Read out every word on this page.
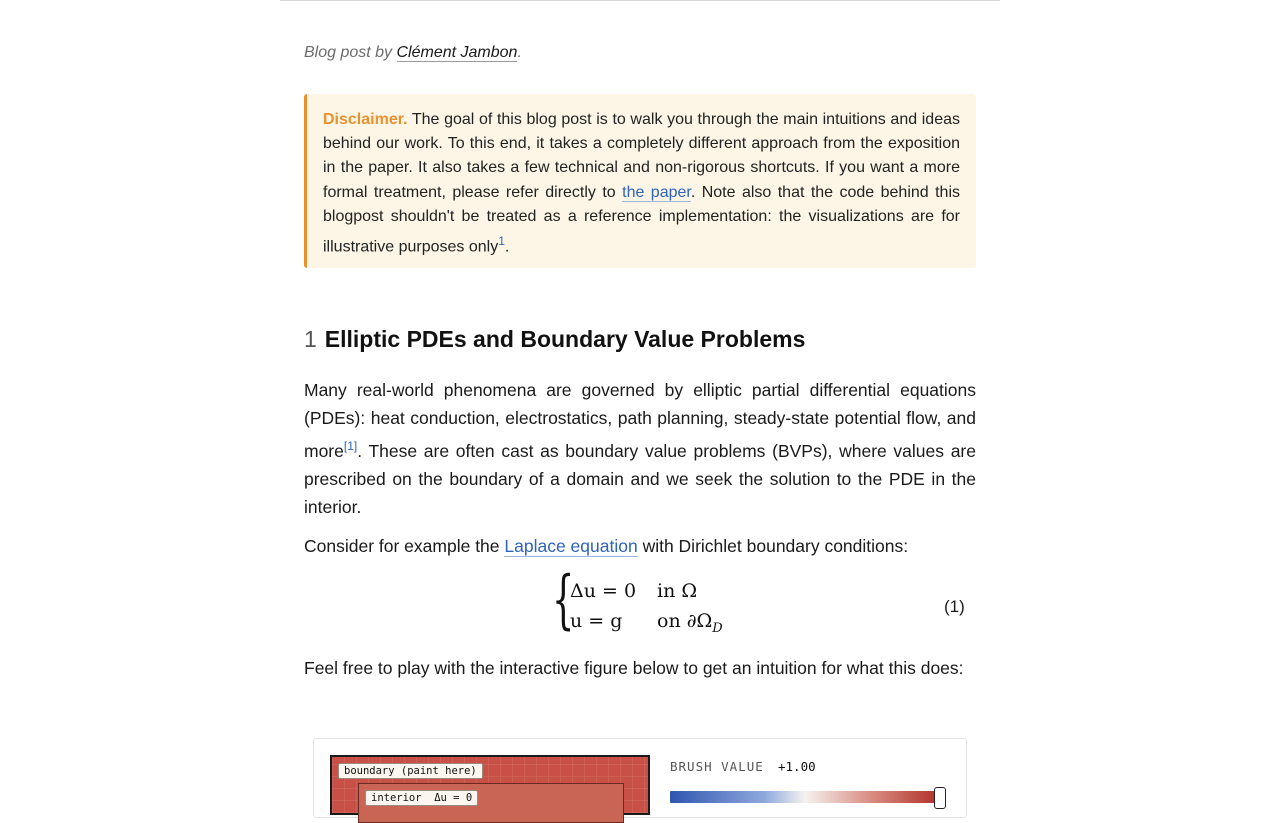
Blog post by Clément Jambon.
Disclaimer. The goal of this blog post is to walk you through the main intuitions and ideas behind our work. To this end, it takes a completely different approach from the exposition in the paper. It also takes a few technical and non-rigorous shortcuts. If you want a more formal treatment, please refer directly to the paper. Note also that the code behind this blogpost shouldn't be treated as a reference implementation: the visualizations are for illustrative purposes only$^1$.
1 Elliptic PDEs and Boundary Value Problems
Many real-world phenomena are governed by elliptic partial differential equations (PDEs): heat conduction, electrostatics, path planning, steady-state potential flow, and more[1]. These are often cast as boundary value problems (BVPs), where values are prescribed on the boundary of a domain and we seek the solution to the PDE in the interior.
Consider for example the Laplace equation with Dirichlet boundary conditions:
{
Δu = 0 in Ω
u = g on $\partial\Omega_D$
(1)
Feel free to play with the interactive figure below to get an intuition for what this does:
boundary (paint here)
interior  Δu = 0
BRUSH VALUE +1.00
